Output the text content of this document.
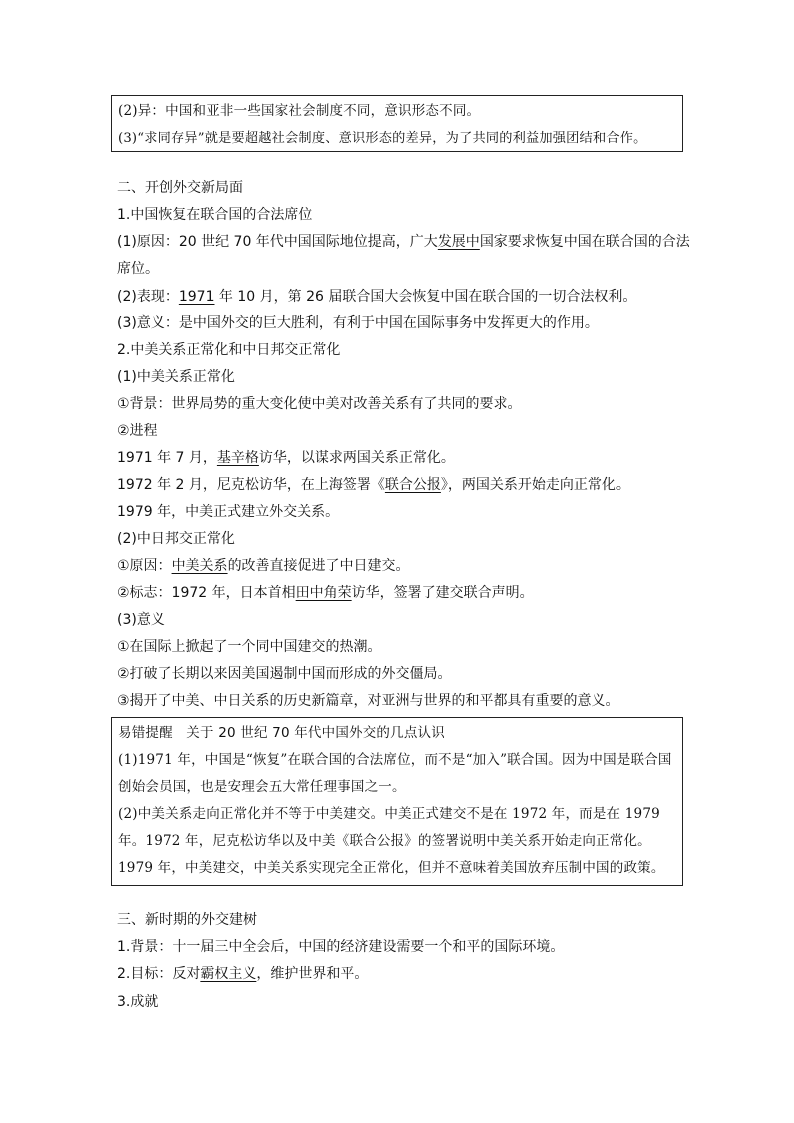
(2)异：中国和亚非一些国家社会制度不同，意识形态不同。

(3)“求同存异”就是要超越社会制度、意识形态的差异，为了共同的利益加强团结和合作。

二、开创外交新局面

1.中国恢复在联合国的合法席位

(1)原因：20 世纪 70 年代中国国际地位提高，广大发展中国家要求恢复中国在联合国的合法

席位。

(2)表现：1971 年 10 月，第 26 届联合国大会恢复中国在联合国的一切合法权利。

(3)意义：是中国外交的巨大胜利，有利于中国在国际事务中发挥更大的作用。

2.中美关系正常化和中日邦交正常化

(1)中美关系正常化

①背景：世界局势的重大变化使中美对改善关系有了共同的要求。

②进程

1971 年 7 月，基辛格访华，以谋求两国关系正常化。

1972 年 2 月，尼克松访华，在上海签署《联合公报》，两国关系开始走向正常化。

1979 年，中美正式建立外交关系。

(2)中日邦交正常化

①原因：中美关系的改善直接促进了中日建交。

②标志：1972 年，日本首相田中角荣访华，签署了建交联合声明。

(3)意义

①在国际上掀起了一个同中国建交的热潮。

②打破了长期以来因美国遏制中国而形成的外交僵局。

③揭开了中美、中日关系的历史新篇章，对亚洲与世界的和平都具有重要的意义。

易错提醒 关于 20 世纪 70 年代中国外交的几点认识

(1)1971 年，中国是“恢复”在联合国的合法席位，而不是“加入”联合国。因为中国是联合国创始会员国，也是安理会五大常任理事国之一。

(2)中美关系走向正常化并不等于中美建交。中美正式建交不是在 1972 年，而是在 1979 年。1972 年，尼克松访华以及中美《联合公报》的签署说明中美关系开始走向正常化。1979 年，中美建交，中美关系实现完全正常化，但并不意味着美国放弃压制中国的政策。

三、新时期的外交建树

1.背景：十一届三中全会后，中国的经济建设需要一个和平的国际环境。

2.目标：反对霸权主义，维护世界和平。

3.成就
